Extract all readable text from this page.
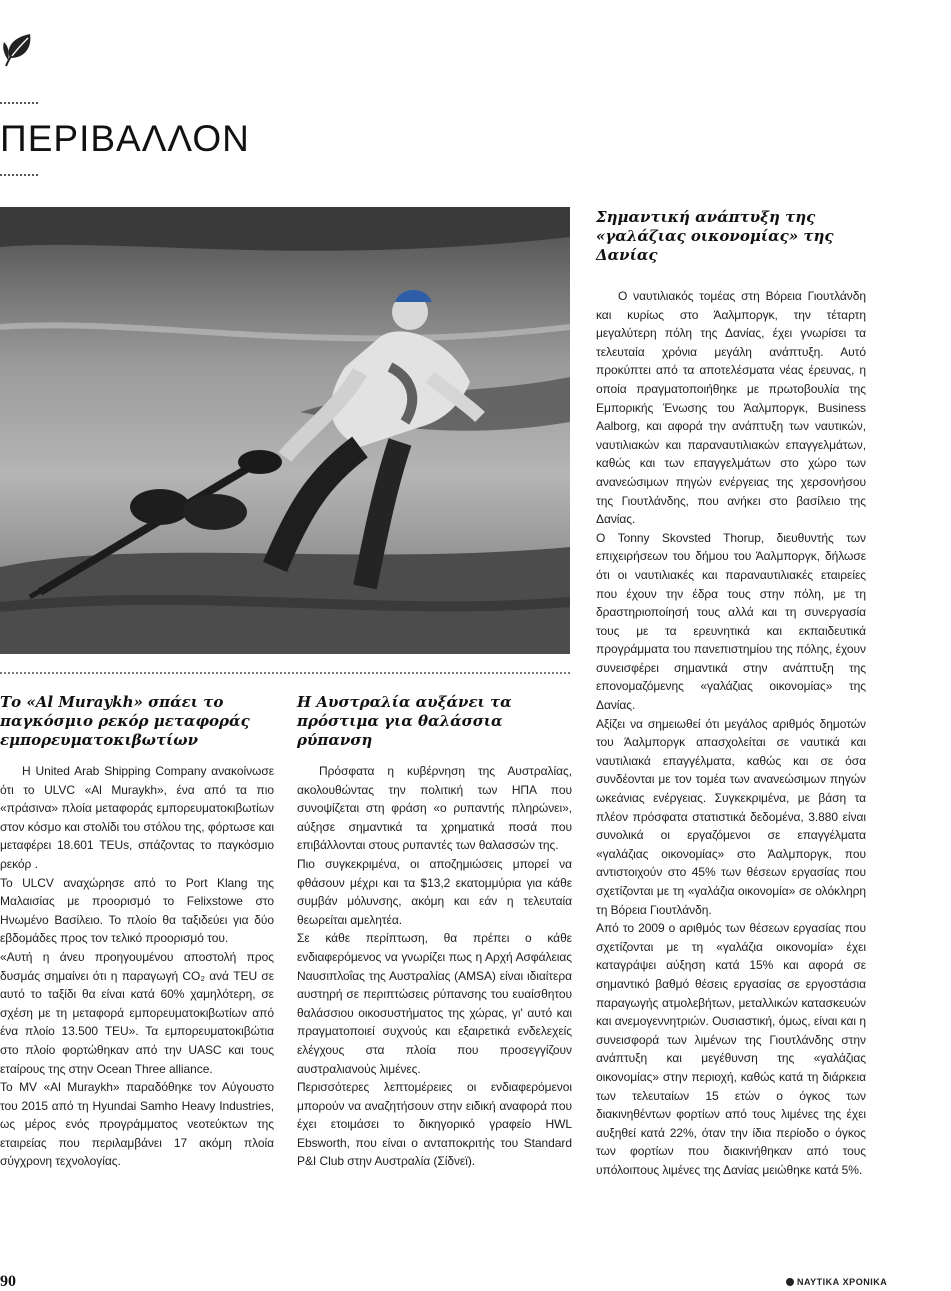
ΠΕΡΙΒΑΛΛΟΝ
Το «Al Muraykh» σπάει το παγκόσμιο ρεκόρ μεταφοράς εμπορευματοκιβωτίων

Η United Arab Shipping Company ανακοίνωσε ότι το ULVC «Al Muraykh», ένα από τα πιο «πράσινα» πλοία μεταφοράς εμπορευματοκιβωτίων στον κόσμο και στολίδι του στόλου της, φόρτωσε και μεταφέρει 18.601 TEUs, σπάζοντας το παγκόσμιο ρεκόρ .

Το ULCV αναχώρησε από το Port Klang της Μαλαισίας με προορισμό το Felixstowe στο Ηνωμένο Βασίλειο. Το πλοίο θα ταξιδεύει για δύο εβδομάδες προς τον τελικό προορισμό του.

«Αυτή η άνευ προηγουμένου αποστολή προς δυσμάς σημαίνει ότι η παραγωγή CO₂ ανά TEU σε αυτό το ταξίδι θα είναι κατά 60% χαμηλότερη, σε σχέση με τη μεταφορά εμπορευματοκιβωτίων από ένα πλοίο 13.500 TEU». Τα εμπορευματοκιβώτια στο πλοίο φορτώθηκαν από την UASC και τους εταίρους της στην Ocean Three alliance.

Το MV «Al Muraykh» παραδόθηκε τον Αύγουστο του 2015 από τη Hyundai Samho Heavy Industries, ως μέρος ενός προγράμματος νεοτεύκτων της εταιρείας που περιλαμβάνει 17 ακόμη πλοία σύγχρονη τεχνολογίας.

Η Αυστραλία αυξάνει τα πρόστιμα για θαλάσσια ρύπανση

Πρόσφατα η κυβέρνηση της Αυστραλίας, ακολουθώντας την πολιτική των ΗΠΑ που συνοψίζεται στη φράση «ο ρυπαντής πληρώνει», αύξησε σημαντικά τα χρηματικά ποσά που επιβάλλονται στους ρυπαντές των θαλασσών της.

Πιο συγκεκριμένα, οι αποζημιώσεις μπορεί να φθάσουν μέχρι και τα $13,2 εκατομμύρια για κάθε συμβάν μόλυνσης, ακόμη και εάν η τελευταία θεωρείται αμελητέα.

Σε κάθε περίπτωση, θα πρέπει ο κάθε ενδιαφερόμενος να γνωρίζει πως η Αρχή Ασφάλειας Ναυσιπλοΐας της Αυστραλίας (AMSA) είναι ιδιαίτερα αυστηρή σε περιπτώσεις ρύπανσης του ευαίσθητου θαλάσσιου οικοσυστήματος της χώρας, γι' αυτό και πραγματοποιεί συχνούς και εξαιρετικά ενδελεχείς ελέγχους στα πλοία που προσεγγίζουν αυστραλιανούς λιμένες.

Περισσότερες λεπτομέρειες οι ενδιαφερόμενοι μπορούν να αναζητήσουν στην ειδική αναφορά που έχει ετοιμάσει το δικηγορικό γραφείο HWL Ebsworth, που είναι ο ανταποκριτής του Standard P&I Club στην Αυστραλία (Σίδνεϊ).

Σημαντική ανάπτυξη της «γαλάζιας οικονομίας» της Δανίας

Ο ναυτιλιακός τομέας στη Βόρεια Γιουτλάνδη και κυρίως στο Άαλμποργκ, την τέταρτη μεγαλύτερη πόλη της Δανίας, έχει γνωρίσει τα τελευταία χρόνια μεγάλη ανάπτυξη. Αυτό προκύπτει από τα αποτελέσματα νέας έρευνας, η οποία πραγματοποιήθηκε με πρωτοβουλία της Εμπορικής Ένωσης του Άαλμποργκ, Business Aalborg, και αφορά την ανάπτυξη των ναυτικών, ναυτιλιακών και παραναυτιλιακών επαγγελμάτων, καθώς και των επαγγελμάτων στο χώρο των ανανεώσιμων πηγών ενέργειας της χερσονήσου της Γιουτλάνδης, που ανήκει στο βασίλειο της Δανίας.

Ο Tonny Skovsted Thorup, διευθυντής των επιχειρήσεων του δήμου του Άαλμποργκ, δήλωσε ότι οι ναυτιλιακές και παραναυτιλιακές εταιρείες που έχουν την έδρα τους στην πόλη, με τη δραστηριοποίησή τους αλλά και τη συνεργασία τους με τα ερευνητικά και εκπαιδευτικά προγράμματα του πανεπιστημίου της πόλης, έχουν συνεισφέρει σημαντικά στην ανάπτυξη της επονομαζόμενης «γαλάζιας οικονομίας» της Δανίας.

Αξίζει να σημειωθεί ότι μεγάλος αριθμός δημοτών του Άαλμποργκ απασχολείται σε ναυτικά και ναυτιλιακά επαγγέλματα, καθώς και σε όσα συνδέονται με τον τομέα των ανανεώσιμων πηγών ωκεάνιας ενέργειας. Συγκεκριμένα, με βάση τα πλέον πρόσφατα στατιστικά δεδομένα, 3.880 είναι συνολικά οι εργαζόμενοι σε επαγγέλματα «γαλάζιας οικονομίας» στο Άαλμποργκ, που αντιστοιχούν στο 45% των θέσεων εργασίας που σχετίζονται με τη «γαλάζια οικονομία» σε ολόκληρη τη Βόρεια Γιουτλάνδη.

Από το 2009 ο αριθμός των θέσεων εργασίας που σχετίζονται με τη «γαλάζια οικονομία» έχει καταγράψει αύξηση κατά 15% και αφορά σε σημαντικό βαθμό θέσεις εργασίας σε εργοστάσια παραγωγής ατμολεβήτων, μεταλλικών κατασκευών και ανεμογεννητριών. Ουσιαστική, όμως, είναι και η συνεισφορά των λιμένων της Γιουτλάνδης στην ανάπτυξη και μεγέθυνση της «γαλάζιας οικονομίας» στην περιοχή, καθώς κατά τη διάρκεια των τελευταίων 15 ετών ο όγκος των διακινηθέντων φορτίων από τους λιμένες της έχει αυξηθεί κατά 22%, όταν την ίδια περίοδο ο όγκος των φορτίων που διακινήθηκαν από τους υπόλοιπους λιμένες της Δανίας μειώθηκε κατά 5%.

90	ΝΑΥΤΙΚΑ ΧΡΟΝΙΚΑ
